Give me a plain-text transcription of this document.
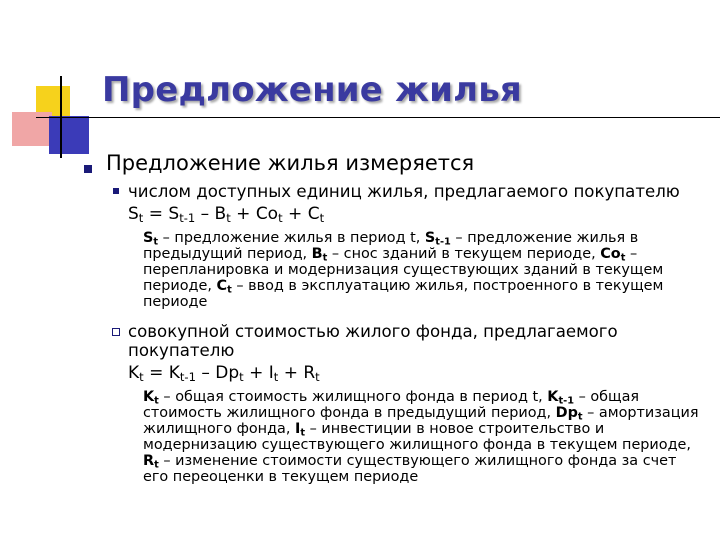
Предложение жилья
Предложение жилья измеряется
числом доступных единиц жилья, предлагаемого покупателю
$S_t = S_{t-1} - B_t + Co_t + C_t$

$S_t$ – предложение жилья в период t, $S_{t-1}$ – предложение жилья в предыдущий период, $B_t$ – снос зданий в текущем периоде, $Co_t$ – перепланировка и модернизация существующих зданий в текущем периоде, $C_t$ – ввод в эксплуатацию жилья, построенного в текущем периоде

совокупной стоимостью жилого фонда, предлагаемого
покупателю
$K_t = K_{t-1} - Dp_t + I_t + R_t$

$K_t$ – общая стоимость жилищного фонда в период t, $K_{t-1}$ – общая стоимость жилищного фонда в предыдущий период, $Dp_t$ – амортизация жилищного фонда, $I_t$ – инвестиции в новое строительство и модернизацию существующего жилищного фонда в текущем периоде, $R_t$ – изменение стоимости существующего жилищного фонда за счет его переоценки в текущем периоде
